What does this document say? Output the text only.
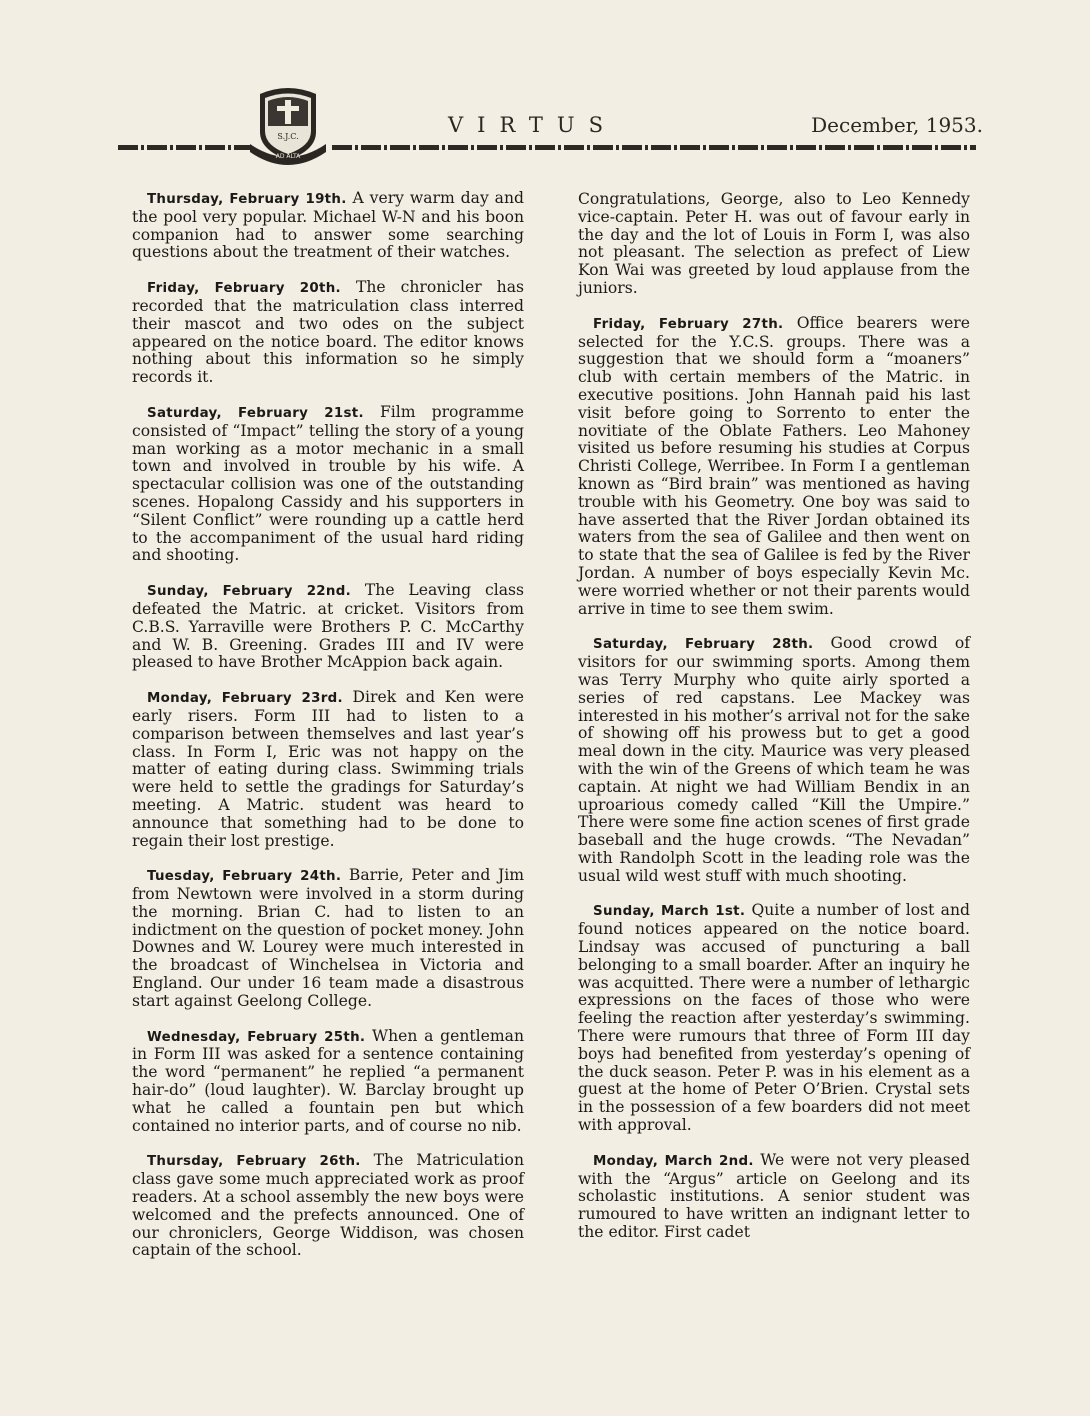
S.J.C.
AD ALTA
VIRTUS	December, 1953.

Thursday, February 19th. A very warm day and the pool very popular. Michael W-N and his boon companion had to answer some searching questions about the treatment of their watches.

Friday, February 20th. The chronicler has recorded that the matriculation class interred their mascot and two odes on the subject appeared on the notice board. The editor knows nothing about this information so he simply records it.

Saturday, February 21st. Film programme consisted of “Impact” telling the story of a young man working as a motor mechanic in a small town and involved in trouble by his wife. A spectacular collision was one of the outstanding scenes. Hopalong Cassidy and his supporters in “Silent Conflict” were rounding up a cattle herd to the accompaniment of the usual hard riding and shooting.

Sunday, February 22nd. The Leaving class defeated the Matric. at cricket. Visitors from C.B.S. Yarraville were Brothers P. C. McCarthy and W. B. Greening. Grades III and IV were pleased to have Brother McAppion back again.

Monday, February 23rd. Direk and Ken were early risers. Form III had to listen to a comparison between themselves and last year’s class. In Form I, Eric was not happy on the matter of eating during class. Swimming trials were held to settle the gradings for Saturday’s meeting. A Matric. student was heard to announce that something had to be done to regain their lost prestige.

Tuesday, February 24th. Barrie, Peter and Jim from Newtown were involved in a storm during the morning. Brian C. had to listen to an indictment on the question of pocket money. John Downes and W. Lourey were much interested in the broadcast of Winchelsea in Victoria and England. Our under 16 team made a disastrous start against Geelong College.

Wednesday, February 25th. When a gentleman in Form III was asked for a sentence containing the word “permanent” he replied “a permanent hair-do” (loud laughter). W. Barclay brought up what he called a fountain pen but which contained no interior parts, and of course no nib.

Thursday, February 26th. The Matriculation class gave some much appreciated work as proof readers. At a school assembly the new boys were welcomed and the prefects announced. One of our chroniclers, George Widdison, was chosen captain of the school.

Congratulations, George, also to Leo Kennedy vice-captain. Peter H. was out of favour early in the day and the lot of Louis in Form I, was also not pleasant. The selection as prefect of Liew Kon Wai was greeted by loud applause from the juniors.

Friday, February 27th. Office bearers were selected for the Y.C.S. groups. There was a suggestion that we should form a “moaners” club with certain members of the Matric. in executive positions. John Hannah paid his last visit before going to Sorrento to enter the novitiate of the Oblate Fathers. Leo Mahoney visited us before resuming his studies at Corpus Christi College, Werribee. In Form I a gentleman known as “Bird brain” was mentioned as having trouble with his Geometry. One boy was said to have asserted that the River Jordan obtained its waters from the sea of Galilee and then went on to state that the sea of Galilee is fed by the River Jordan. A number of boys especially Kevin Mc. were worried whether or not their parents would arrive in time to see them swim.

Saturday, February 28th. Good crowd of visitors for our swimming sports. Among them was Terry Murphy who quite airly sported a series of red capstans. Lee Mackey was interested in his mother’s arrival not for the sake of showing off his prowess but to get a good meal down in the city. Maurice was very pleased with the win of the Greens of which team he was captain. At night we had William Bendix in an uproarious comedy called “Kill the Umpire.” There were some fine action scenes of first grade baseball and the huge crowds. “The Nevadan” with Randolph Scott in the leading role was the usual wild west stuff with much shooting.

Sunday, March 1st. Quite a number of lost and found notices appeared on the notice board. Lindsay was accused of puncturing a ball belonging to a small boarder. After an inquiry he was acquitted. There were a number of lethargic expressions on the faces of those who were feeling the reaction after yesterday’s swimming. There were rumours that three of Form III day boys had benefited from yesterday’s opening of the duck season. Peter P. was in his element as a guest at the home of Peter O’Brien. Crystal sets in the possession of a few boarders did not meet with approval.

Monday, March 2nd. We were not very pleased with the “Argus” article on Geelong and its scholastic institutions. A senior student was rumoured to have written an indignant letter to the editor. First cadet
